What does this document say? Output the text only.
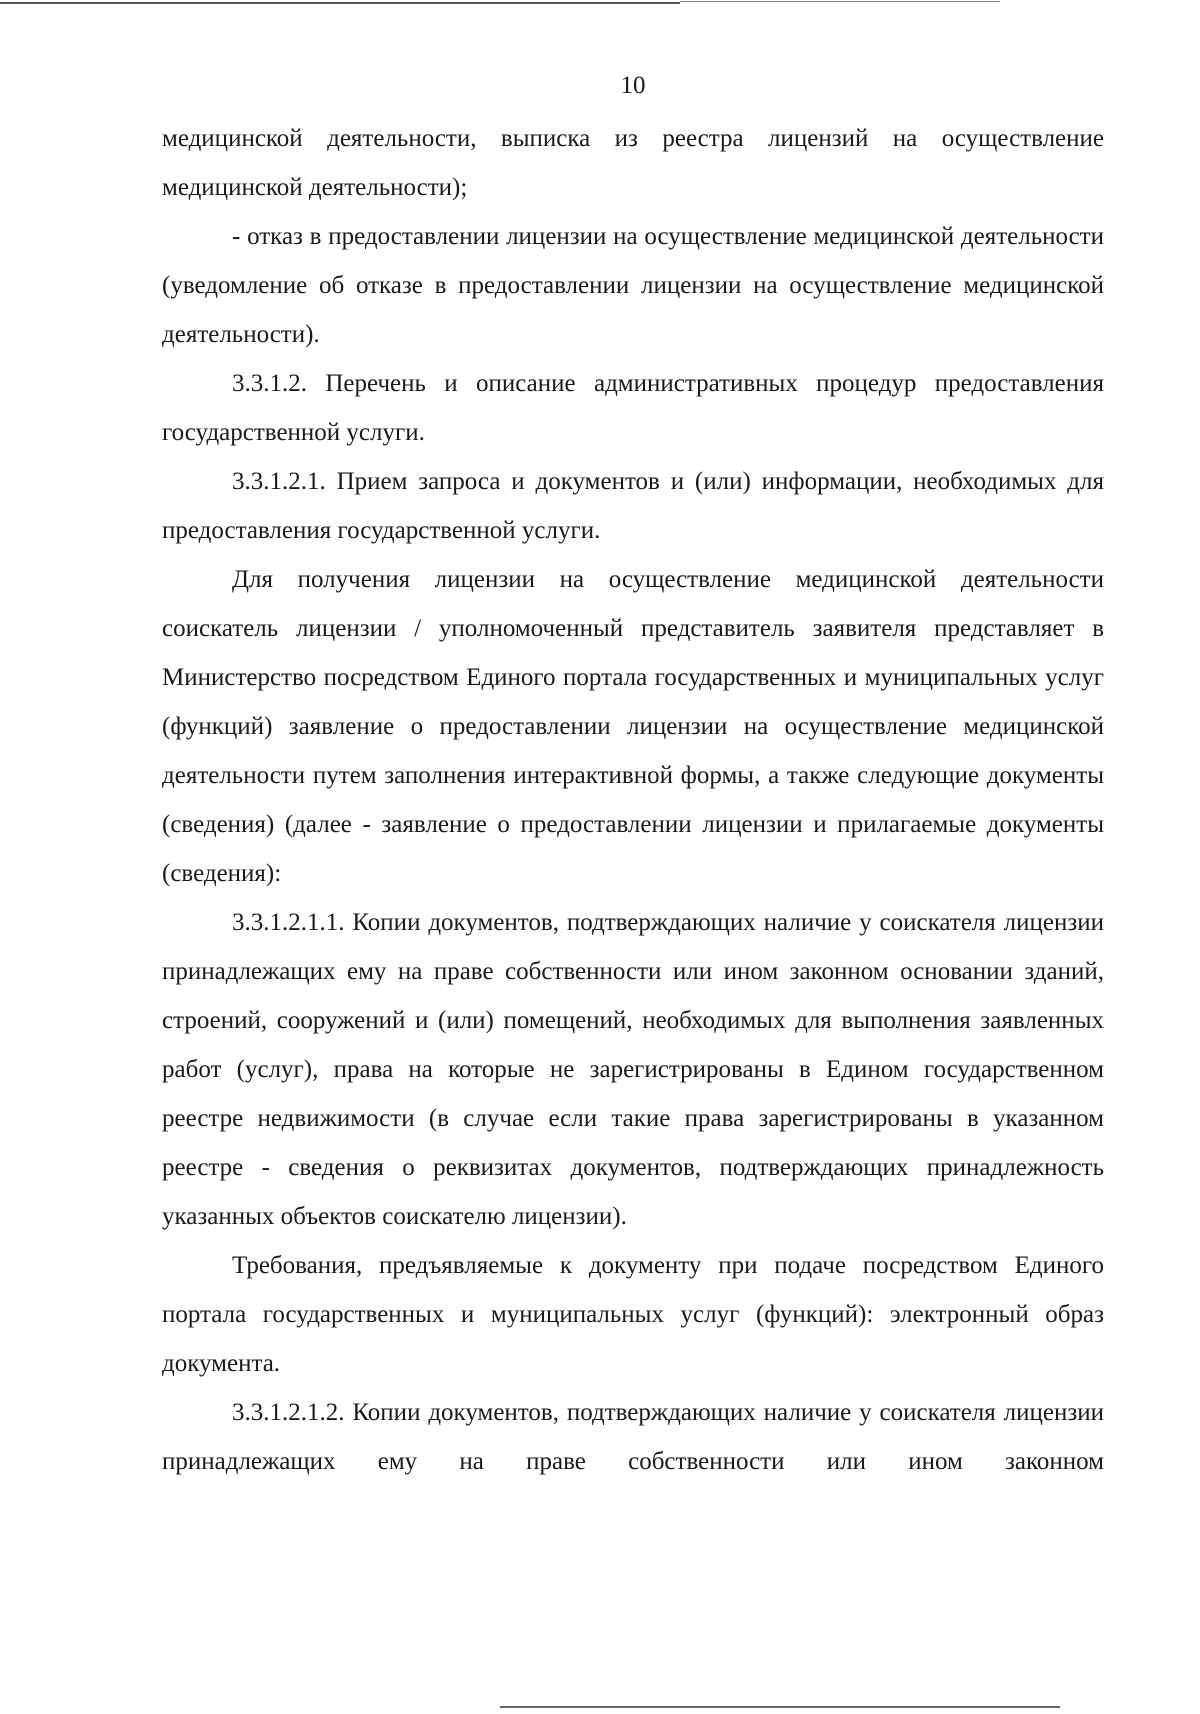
10

медицинской деятельности, выписка из реестра лицензий на осуществление медицинской деятельности);

- отказ в предоставлении лицензии на осуществление медицинской деятельности (уведомление об отказе в предоставлении лицензии на осуществление медицинской деятельности).

3.3.1.2. Перечень и описание административных процедур предоставления государственной услуги.

3.3.1.2.1. Прием запроса и документов и (или) информации, необходимых для предоставления государственной услуги.

Для получения лицензии на осуществление медицинской деятельности соискатель лицензии / уполномоченный представитель заявителя представляет в Министерство посредством Единого портала государственных и муниципальных услуг (функций) заявление о предоставлении лицензии на осуществление медицинской деятельности путем заполнения интерактивной формы, а также следующие документы (сведения) (далее - заявление о предоставлении лицензии и прилагаемые документы (сведения):

3.3.1.2.1.1. Копии документов, подтверждающих наличие у соискателя лицензии принадлежащих ему на праве собственности или ином законном основании зданий, строений, сооружений и (или) помещений, необходимых для выполнения заявленных работ (услуг), права на которые не зарегистрированы в Едином государственном реестре недвижимости (в случае если такие права зарегистрированы в указанном реестре - сведения о реквизитах документов, подтверждающих принадлежность указанных объектов соискателю лицензии).

Требования, предъявляемые к документу при подаче посредством Единого портала государственных и муниципальных услуг (функций): электронный образ документа.

3.3.1.2.1.2. Копии документов, подтверждающих наличие у соискателя лицензии принадлежащих ему на праве собственности или ином законном
